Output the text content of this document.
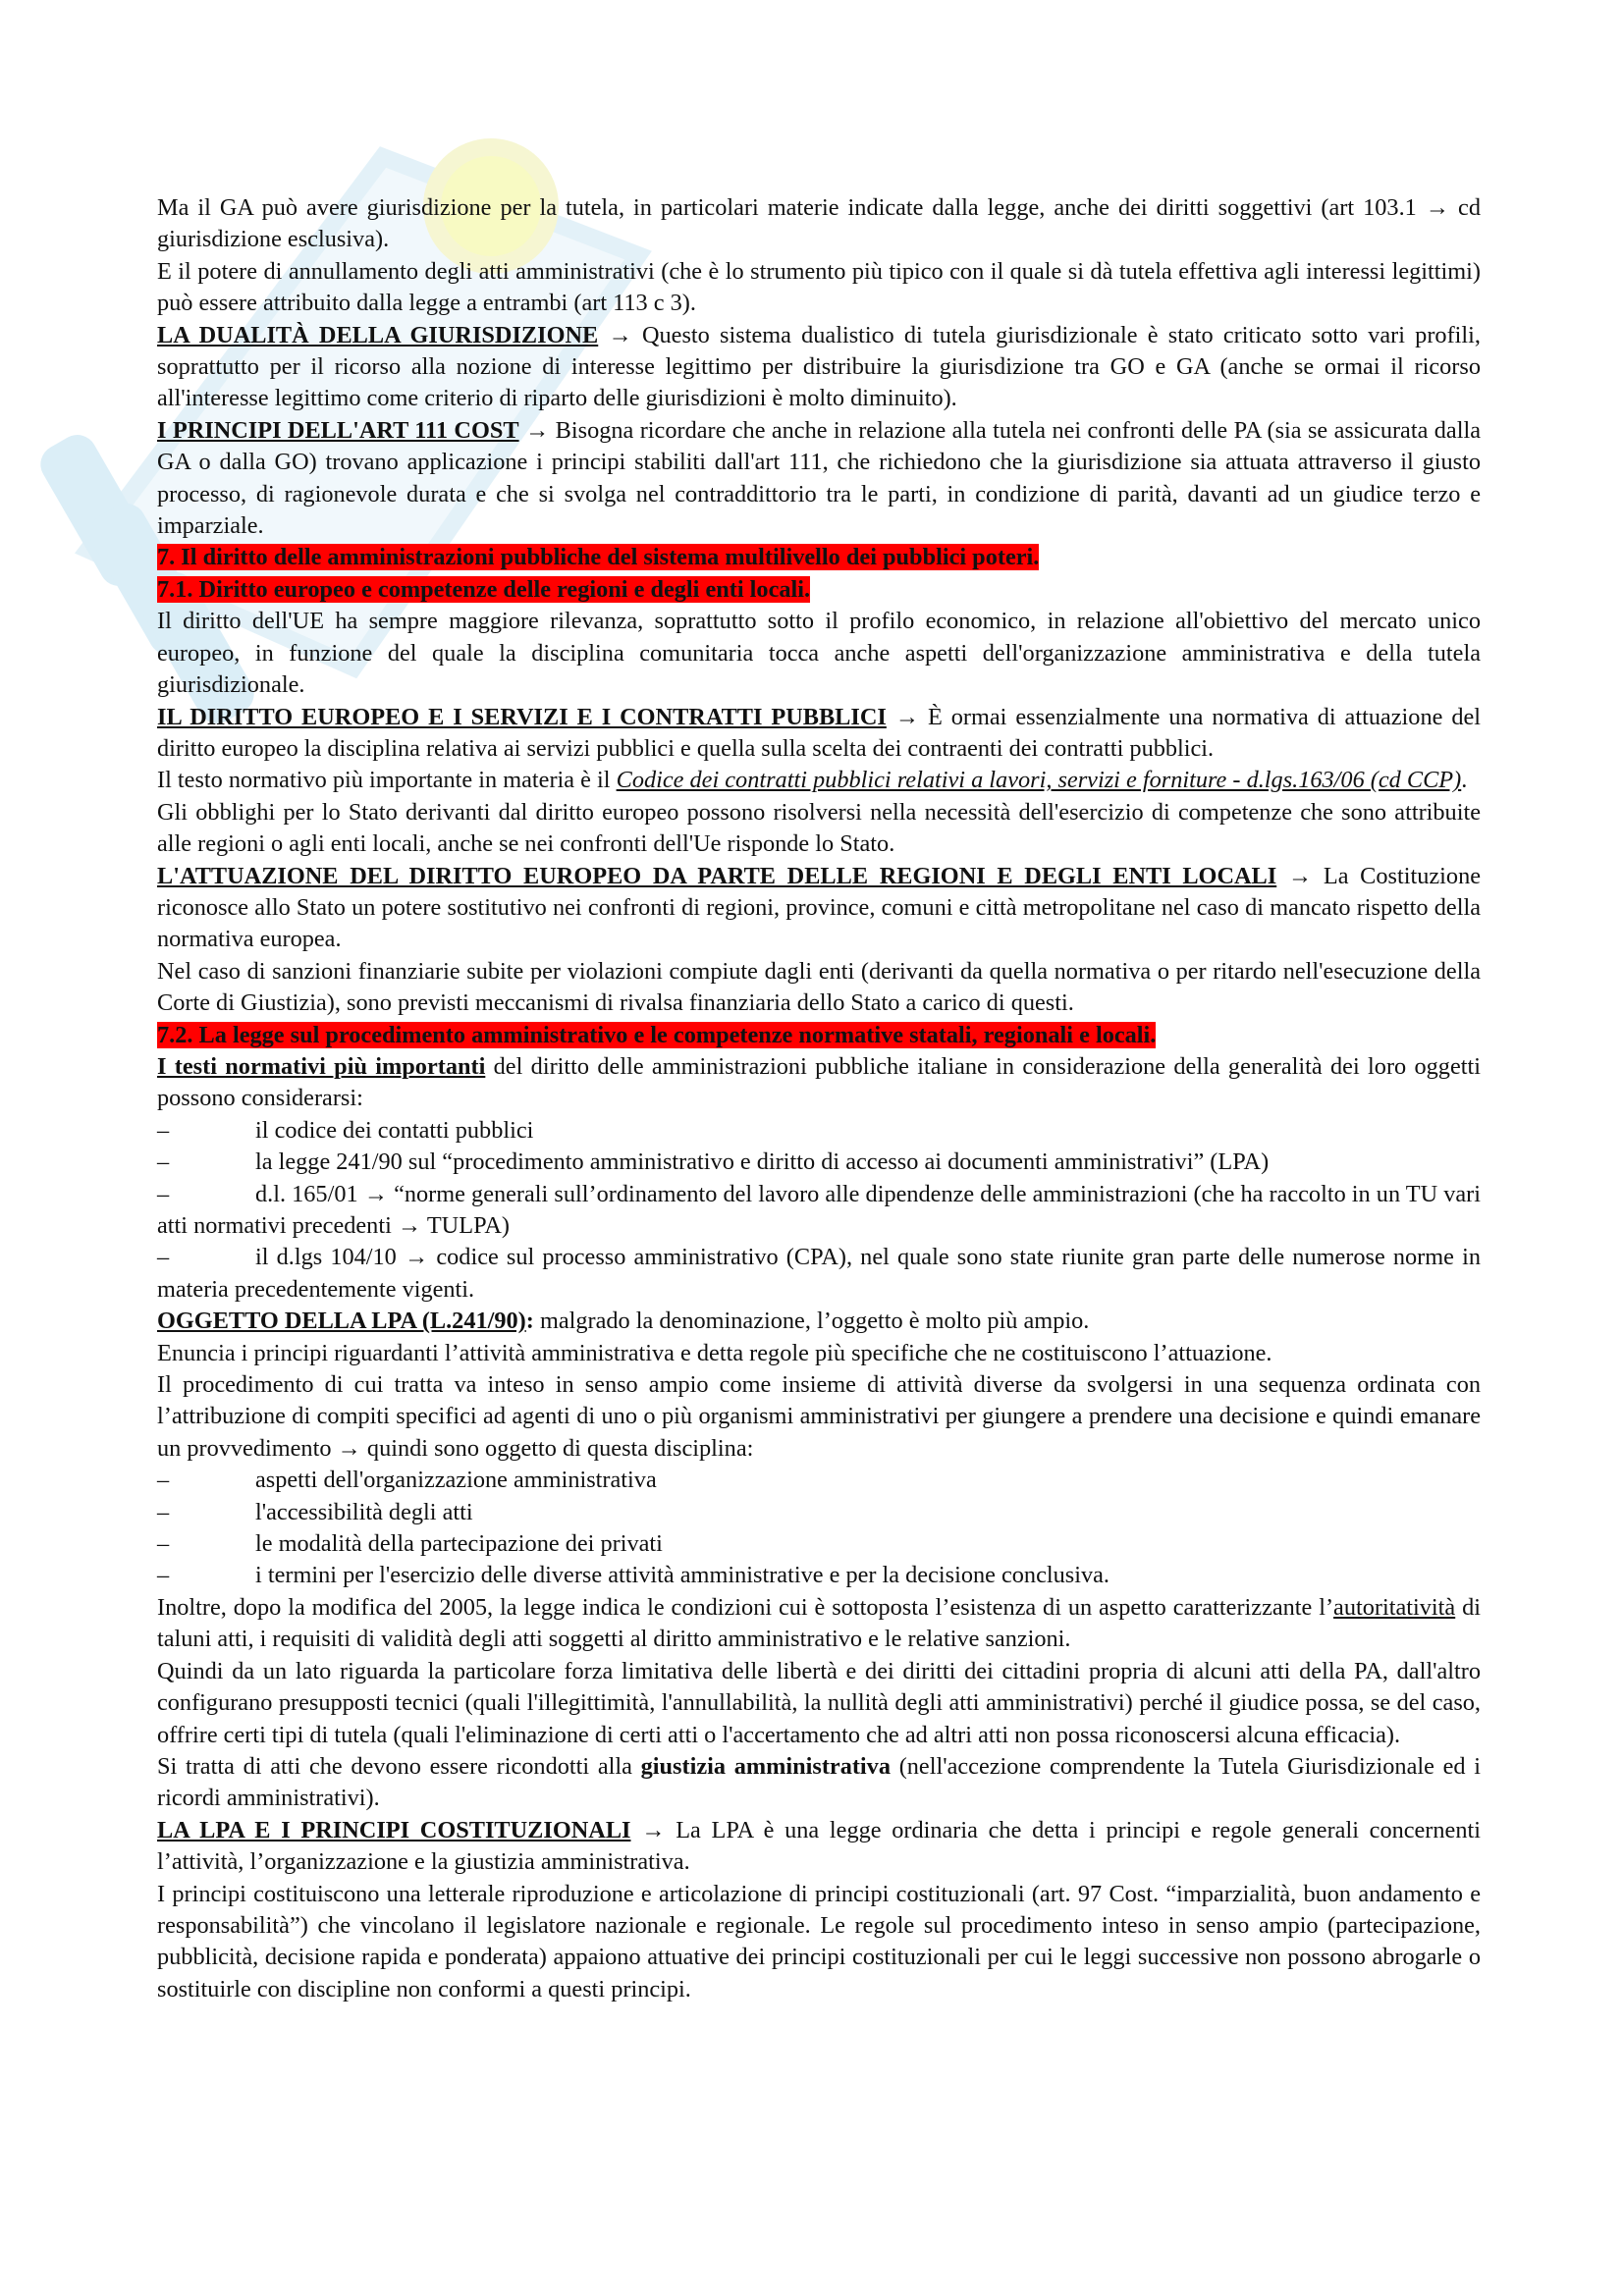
Ma il GA può avere giurisdizione per la tutela, in particolari materie indicate dalla legge, anche dei diritti soggettivi (art 103.1 → cd giurisdizione esclusiva).

E il potere di annullamento degli atti amministrativi (che è lo strumento più tipico con il quale si dà tutela effettiva agli interessi legittimi) può essere attribuito dalla legge a entrambi (art 113 c 3).

LA DUALITÀ DELLA GIURISDIZIONE → Questo sistema dualistico di tutela giurisdizionale è stato criticato sotto vari profili, soprattutto per il ricorso alla nozione di interesse legittimo per distribuire la giurisdizione tra GO e GA (anche se ormai il ricorso all'interesse legittimo come criterio di riparto delle giurisdizioni è molto diminuito).

I PRINCIPI DELL'ART 111 COST → Bisogna ricordare che anche in relazione alla tutela nei confronti delle PA (sia se assicurata dalla GA o dalla GO) trovano applicazione i principi stabiliti dall'art 111, che richiedono che la giurisdizione sia attuata attraverso il giusto processo, di ragionevole durata e che si svolga nel contraddittorio tra le parti, in condizione di parità, davanti ad un giudice terzo e imparziale.

7. Il diritto delle amministrazioni pubbliche del sistema multilivello dei pubblici poteri.

7.1. Diritto europeo e competenze delle regioni e degli enti locali.

Il diritto dell'UE ha sempre maggiore rilevanza, soprattutto sotto il profilo economico, in relazione all'obiettivo del mercato unico europeo, in funzione del quale la disciplina comunitaria tocca anche aspetti dell'organizzazione amministrativa e della tutela giurisdizionale.

IL DIRITTO EUROPEO E I SERVIZI E I CONTRATTI PUBBLICI → È ormai essenzialmente una normativa di attuazione del diritto europeo la disciplina relativa ai servizi pubblici e quella sulla scelta dei contraenti dei contratti pubblici.

Il testo normativo più importante in materia è il Codice dei contratti pubblici relativi a lavori, servizi e forniture - d.lgs.163/06 (cd CCP).

Gli obblighi per lo Stato derivanti dal diritto europeo possono risolversi nella necessità dell'esercizio di competenze che sono attribuite alle regioni o agli enti locali, anche se nei confronti dell'Ue risponde lo Stato.

L'ATTUAZIONE DEL DIRITTO EUROPEO DA PARTE DELLE REGIONI E DEGLI ENTI LOCALI → La Costituzione riconosce allo Stato un potere sostitutivo nei confronti di regioni, province, comuni e città metropolitane nel caso di mancato rispetto della normativa europea.

Nel caso di sanzioni finanziarie subite per violazioni compiute dagli enti (derivanti da quella normativa o per ritardo nell'esecuzione della Corte di Giustizia), sono previsti meccanismi di rivalsa finanziaria dello Stato a carico di questi.

7.2. La legge sul procedimento amministrativo e le competenze normative statali, regionali e locali.

I testi normativi più importanti del diritto delle amministrazioni pubbliche italiane in considerazione della generalità dei loro oggetti possono considerarsi:

–	il codice dei contatti pubblici

–	la legge 241/90 sul “procedimento amministrativo e diritto di accesso ai documenti amministrativi” (LPA)

–	d.l. 165/01 → “norme generali sull’ordinamento del lavoro alle dipendenze delle amministrazioni (che ha raccolto in un TU vari atti normativi precedenti → TULPA)

–	il d.lgs 104/10 → codice sul processo amministrativo (CPA), nel quale sono state riunite gran parte delle numerose norme in materia precedentemente vigenti.

OGGETTO DELLA LPA (L.241/90): malgrado la denominazione, l’oggetto è molto più ampio.

Enuncia i principi riguardanti l’attività amministrativa e detta regole più specifiche che ne costituiscono l’attuazione.

Il procedimento di cui tratta va inteso in senso ampio come insieme di attività diverse da svolgersi in una sequenza ordinata con l’attribuzione di compiti specifici ad agenti di uno o più organismi amministrativi per giungere a prendere una decisione e quindi emanare un provvedimento → quindi sono oggetto di questa disciplina:

–	aspetti dell'organizzazione amministrativa

–	l'accessibilità degli atti

–	le modalità della partecipazione dei privati

–	i termini per l'esercizio delle diverse attività amministrative e per la decisione conclusiva.

Inoltre, dopo la modifica del 2005, la legge indica le condizioni cui è sottoposta l’esistenza di un aspetto caratterizzante l’autoritatività di taluni atti, i requisiti di validità degli atti soggetti al diritto amministrativo e le relative sanzioni.

Quindi da un lato riguarda la particolare forza limitativa delle libertà e dei diritti dei cittadini propria di alcuni atti della PA, dall'altro configurano presupposti tecnici (quali l'illegittimità, l'annullabilità, la nullità degli atti amministrativi) perché il giudice possa, se del caso, offrire certi tipi di tutela (quali l'eliminazione di certi atti o l'accertamento che ad altri atti non possa riconoscersi alcuna efficacia).

Si tratta di atti che devono essere ricondotti alla giustizia amministrativa (nell'accezione comprendente la Tutela Giurisdizionale ed i ricordi amministrativi).

LA LPA E I PRINCIPI COSTITUZIONALI → La LPA è una legge ordinaria che detta i principi e regole generali concernenti l’attività, l’organizzazione e la giustizia amministrativa.

I principi costituiscono una letterale riproduzione e articolazione di principi costituzionali (art. 97 Cost. “imparzialità, buon andamento e responsabilità”) che vincolano il legislatore nazionale e regionale. Le regole sul procedimento inteso in senso ampio (partecipazione, pubblicità, decisione rapida e ponderata) appaiono attuative dei principi costituzionali per cui le leggi successive non possono abrogarle o sostituirle con discipline non conformi a questi principi.
